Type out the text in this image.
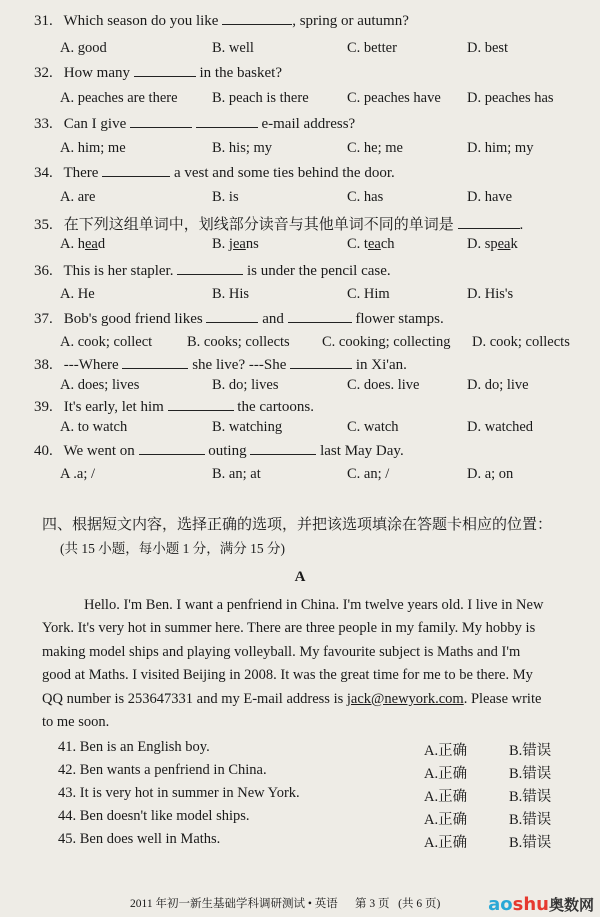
31. Which season do you like	, spring or autumn?
A. good	B. well	C. better	D. best
32. How many	in the basket?
A. peaches are there B. peach is there	C. peaches have D. peaches has
33. Can I give	e-mail address?
A. him; me	B. his; my	C. he; me	D. him; my
34. There	a vest and some ties behind the door.
A. are	B. is	C. has	D. have
35. 在下列这组单词中，划线部分读音与其他单词不同的单词是	.
A. head	B. jeans	C. teach	D. speak
36. This is her stapler.	is under the pencil case.
A. He	B. His	C. Him	D. His's
37. Bob's good friend likes	and	flower stamps.
A. cook; collect B. cooks; collects C. cooking; collecting D. cook; collects
38. ---Where	she live? ---She	in Xi'an.
A. does; lives	B. do; lives	C. does. live	D. do; live
39. It's early, let him	the cartoons.
A. to watch	B. watching	C. watch	D. watched
40. We went on	outing	last May Day.
A .a; /	B. an; at	C. an; /	D. a; on
四、根据短文内容，选择正确的选项，并把该选项填涂在答题卡相应的位置：
(共 15 小题，每小题 1 分，满分 15 分)
A
Hello. I'm Ben. I want a penfriend in China. I'm twelve years old. I live in New
York. It's very hot in summer here. There are three people in my family. My hobby is
making model ships and playing volleyball. My favourite subject is Maths and I'm
good at Maths. I visited Beijing in 2008. It was the great time for me to be there. My
QQ number is 253647331 and my E-mail address is jack@newyork.com. Please write
to me soon.
41. Ben is an English boy.	A.正确	B.错误
42. Ben wants a penfriend in China.	A.正确	B.错误
43. It is very hot in summer in New York.	A.正确	B.错误
44. Ben doesn't like model ships.	A.正确	B.错误
45. Ben does well in Maths.	A.正确	B.错误
2011 年初一新生基础学科调研测试 • 英语 第 3 页 (共 6 页)	aoshu奥数网
